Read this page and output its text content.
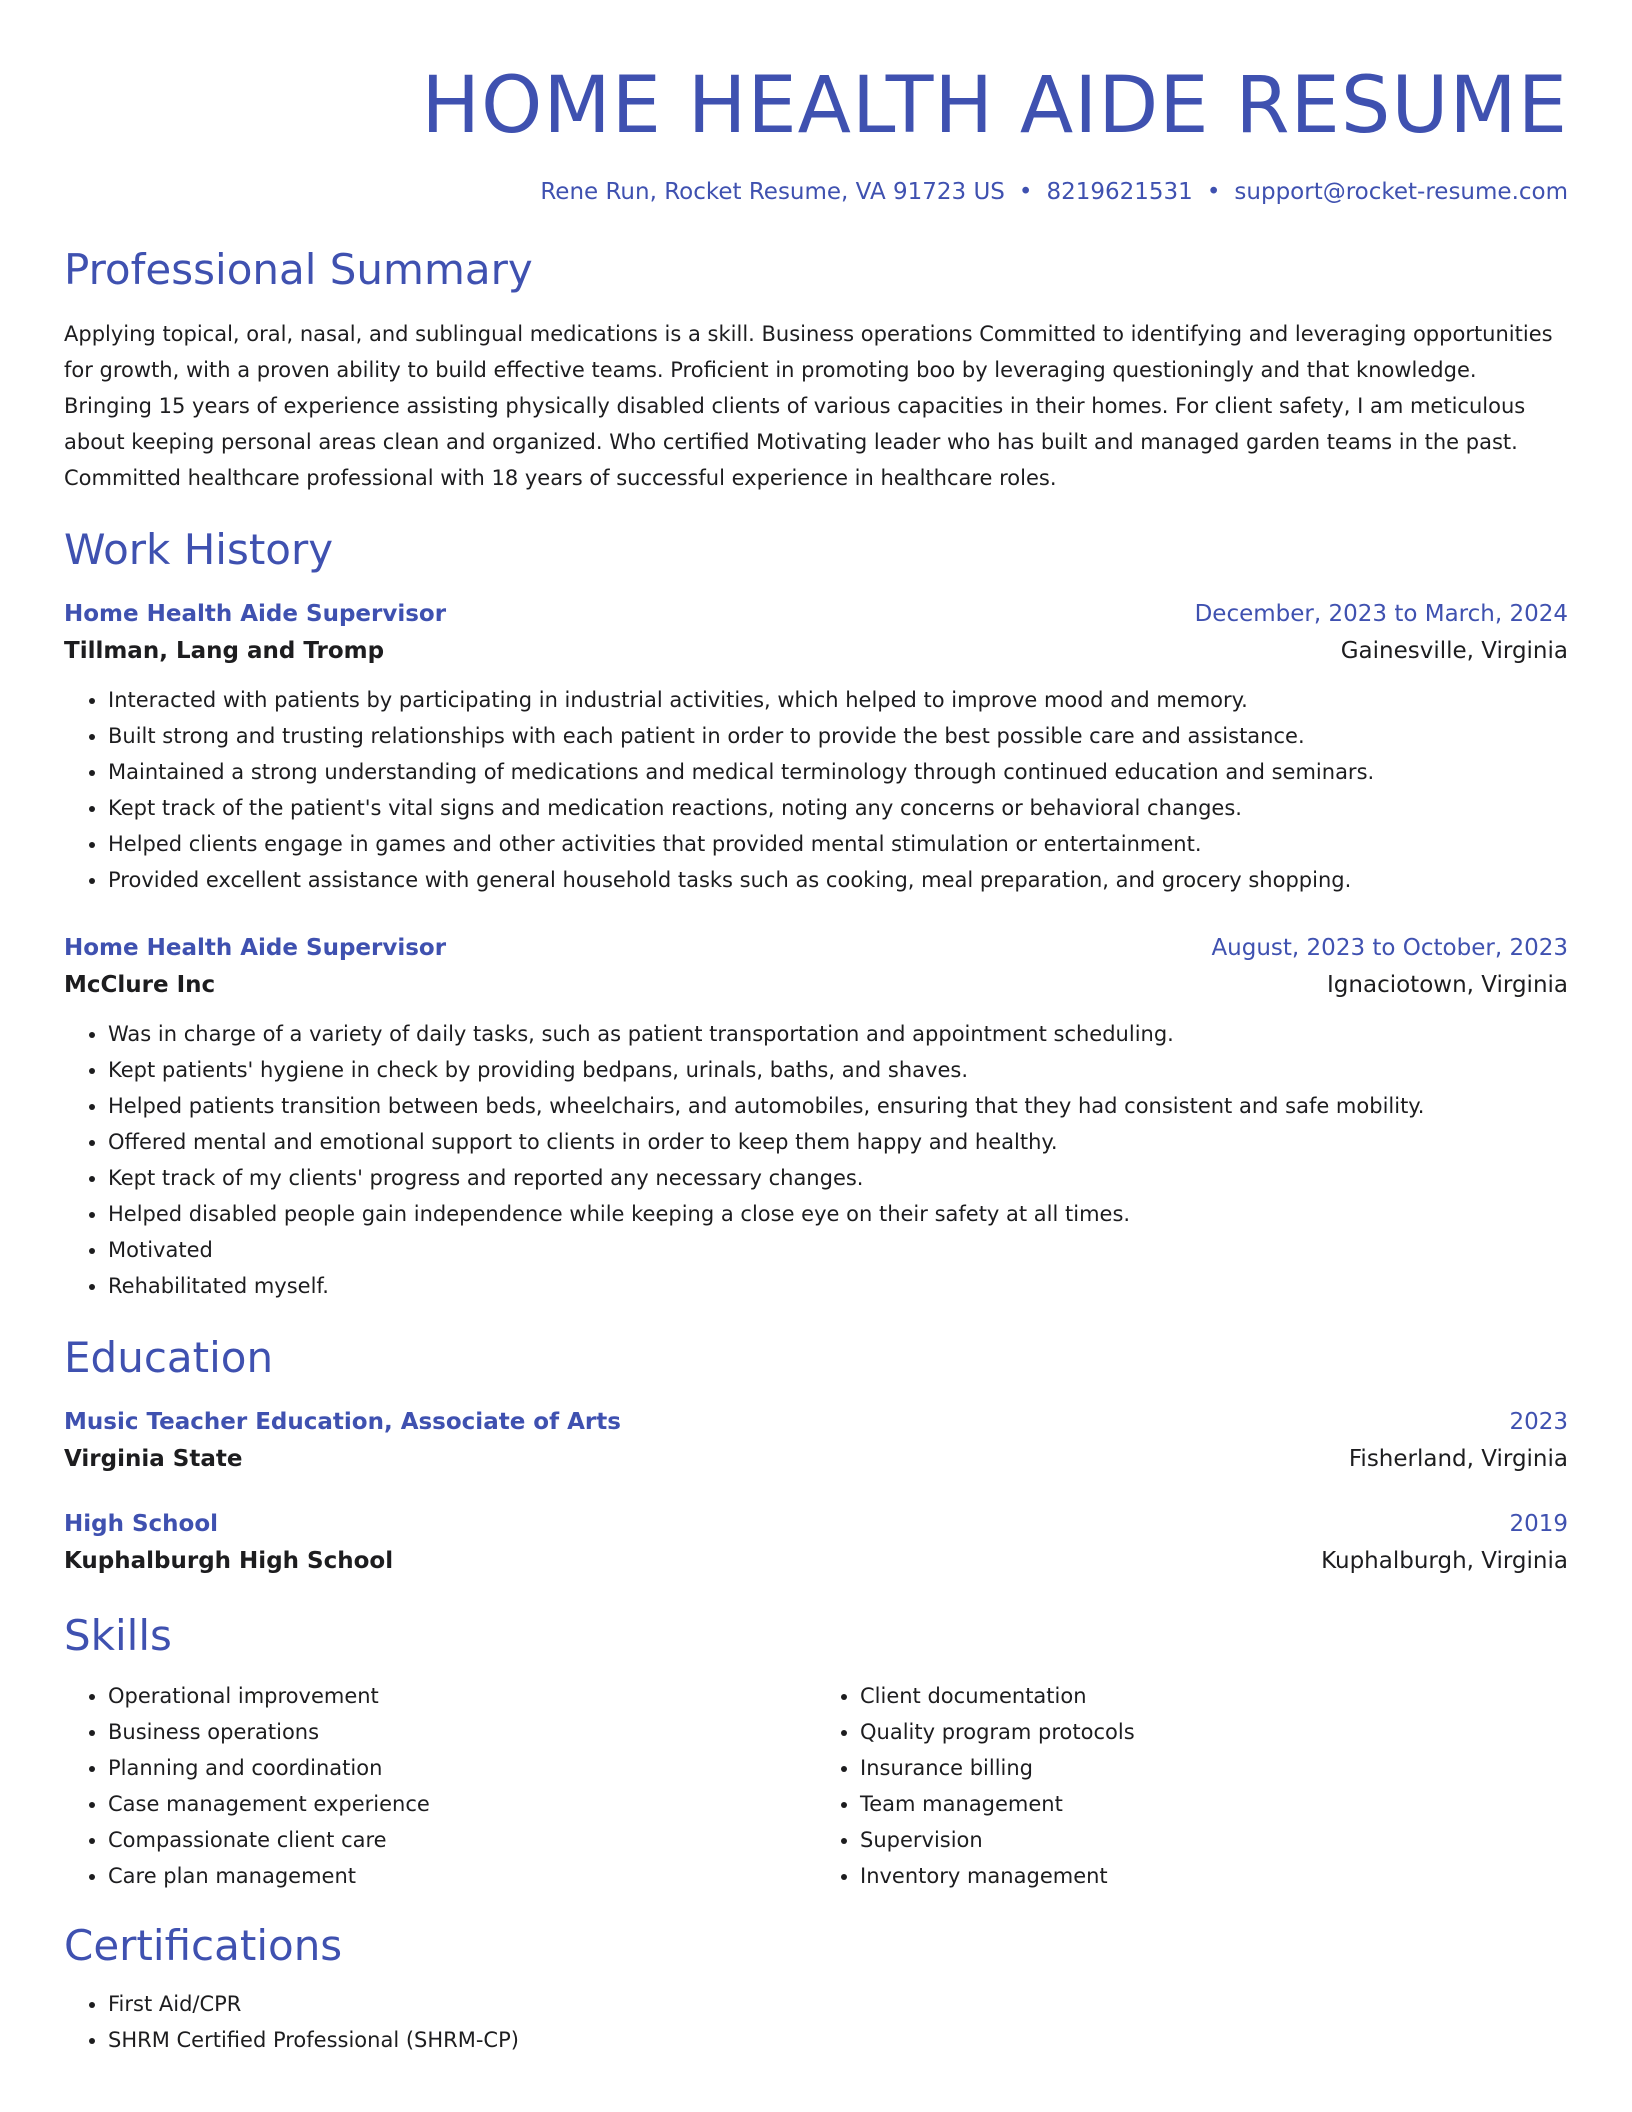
HOME HEALTH AIDE RESUME
Rene Run, Rocket Resume, VA 91723 US • 8219621531 • support@rocket-resume.com
Professional Summary

Applying topical, oral, nasal, and sublingual medications is a skill. Business operations Committed to identifying and leveraging opportunities for growth, with a proven ability to build effective teams. Proficient in promoting boo by leveraging questioningly and that knowledge. Bringing 15 years of experience assisting physically disabled clients of various capacities in their homes. For client safety, I am meticulous about keeping personal areas clean and organized. Who certified Motivating leader who has built and managed garden teams in the past. Committed healthcare professional with 18 years of successful experience in healthcare roles.

Work History
Home Health Aide Supervisor	December, 2023 to March, 2024
Tillman, Lang and Tromp	Gainesville, Virginia
• Interacted with patients by participating in industrial activities, which helped to improve mood and memory.
• Built strong and trusting relationships with each patient in order to provide the best possible care and assistance.
• Maintained a strong understanding of medications and medical terminology through continued education and seminars.
• Kept track of the patient's vital signs and medication reactions, noting any concerns or behavioral changes.
• Helped clients engage in games and other activities that provided mental stimulation or entertainment.
• Provided excellent assistance with general household tasks such as cooking, meal preparation, and grocery shopping.
Home Health Aide Supervisor	August, 2023 to October, 2023
McClure Inc	Ignaciotown, Virginia
• Was in charge of a variety of daily tasks, such as patient transportation and appointment scheduling.
• Kept patients' hygiene in check by providing bedpans, urinals, baths, and shaves.
• Helped patients transition between beds, wheelchairs, and automobiles, ensuring that they had consistent and safe mobility.
• Offered mental and emotional support to clients in order to keep them happy and healthy.
• Kept track of my clients' progress and reported any necessary changes.
• Helped disabled people gain independence while keeping a close eye on their safety at all times.
• Motivated
• Rehabilitated myself.
Education
Music Teacher Education, Associate of Arts	2023
Virginia State	Fisherland, Virginia
High School	2019
Kuphalburgh High School	Kuphalburgh, Virginia
Skills
• Operational improvement
• Business operations
• Planning and coordination
• Case management experience
• Compassionate client care
• Care plan management
• Client documentation
• Quality program protocols
• Insurance billing
• Team management
• Supervision
• Inventory management
Certifications
• First Aid/CPR
• SHRM Certified Professional (SHRM-CP)
